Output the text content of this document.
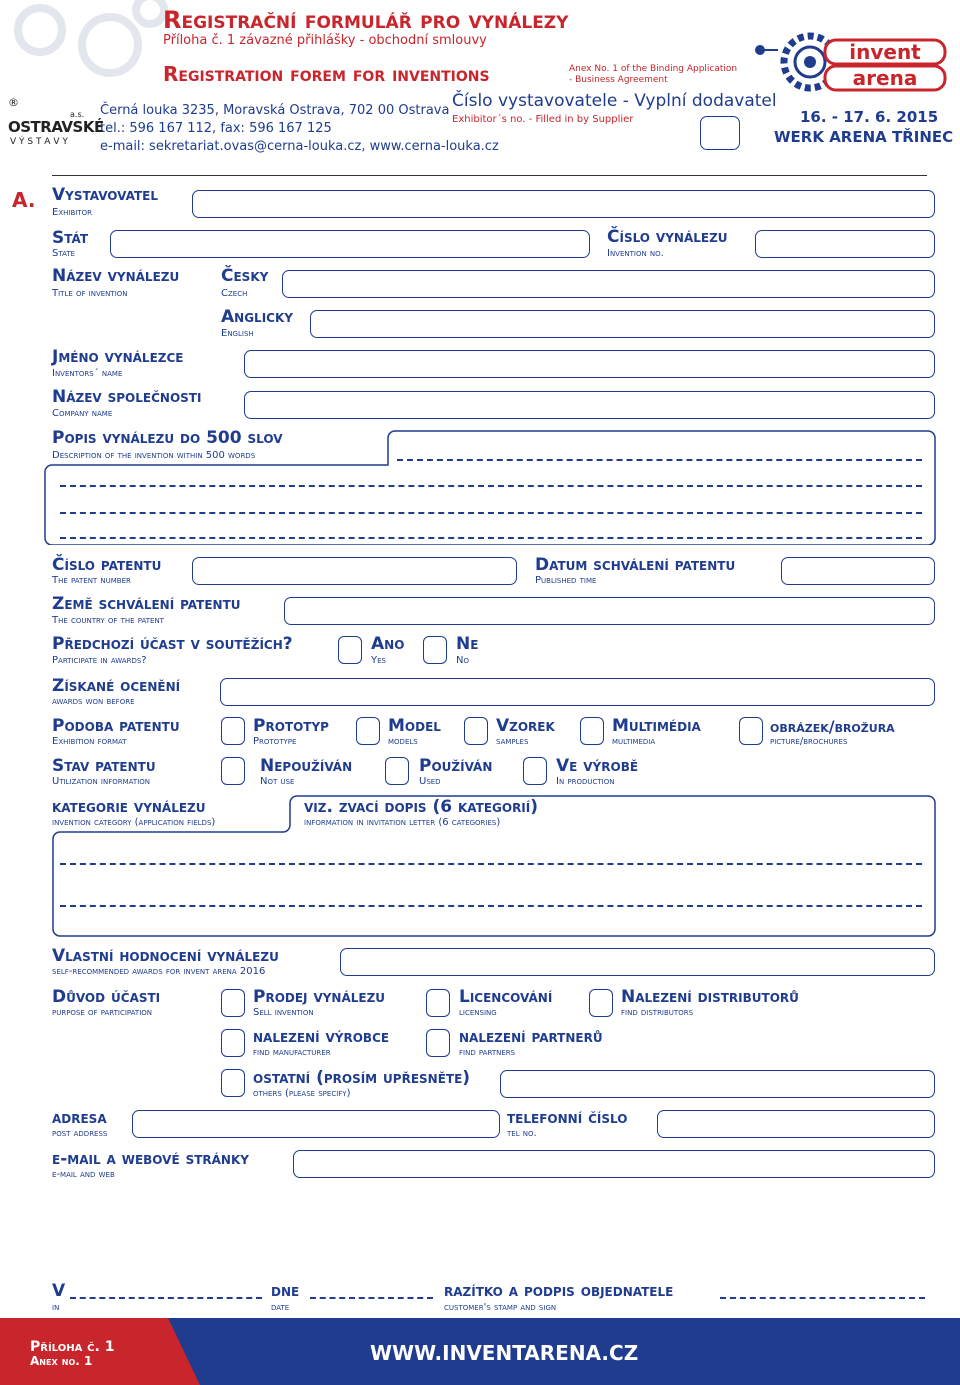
Registrační formulář pro vynálezy
Příloha č. 1 závazné přihlášky - obchodní smlouvy
Registration forem for inventions	Anex No. 1 of the Binding Application
- Business Agreement
®
a.s.
OSTRAVSKÉ
V Ý S T A V Y
Černá louka 3235, Moravská Ostrava, 702 00 Ostrava
tel.: 596 167 112, fax: 596 167 125
e-mail: sekretariat.ovas@cerna-louka.cz, www.cerna-louka.cz
Číslo vystavovatele - Vyplní dodavatel
Exhibitor´s no. - Filled in by Supplier
invent
arena
16. - 17. 6. 2015
WERK ARENA TŘINEC
A. Vystavovatel
Exhibitor
Stát
State
Číslo vynálezu
Invention no.
Název vynálezu
Title of invention
Česky
Czech
Anglicky
English
Jméno vynálezce
Inventors´ name
Název společnosti
Company name
Popis vynálezu do 500 slov
Description of the invention within 500 words
Číslo patentu
The patent number
Datum schválení patentu
Published time
Země schválení patentu
The country of the patent
Předchozí účast v soutěžích?
Participate in awards?
Ano
Yes
Ne
No
Získané ocenění
awards won before
Podoba patentu
Exhibition format
Prototyp
Prototype
Model
models
Vzorek
samples
Multimédia
multimedia
obrázek/brožura
picture/brochures
Stav patentu
Utilization information
Nepoužíván
Not use
Používán
Used
Ve výrobě
In production
kategorie vynálezu
invention category (application fields)
viz. zvací dopis (6 kategorií)
information in invitation letter (6 categories)
Vlastní hodnocení vynálezu
self-recommended awards for invent arena 2016
Důvod účasti
purpose of participation
Prodej vynálezu
Sell invention
Licencování
licensing
Nalezení distributorů
find distributors
nalezení výrobce
find manufacturer
nalezení partnerů
find partners
ostatní (prosím upřesněte)
others (please specify)
adresa
post address
telefonní číslo
tel no.
e-mail a webové stránky
e-mail and web
V
in
dne
date
razítko a podpis objednatele
customer's stamp and sign
Příloha č. 1
Anex no. 1	WWW.INVENTARENA.CZ
